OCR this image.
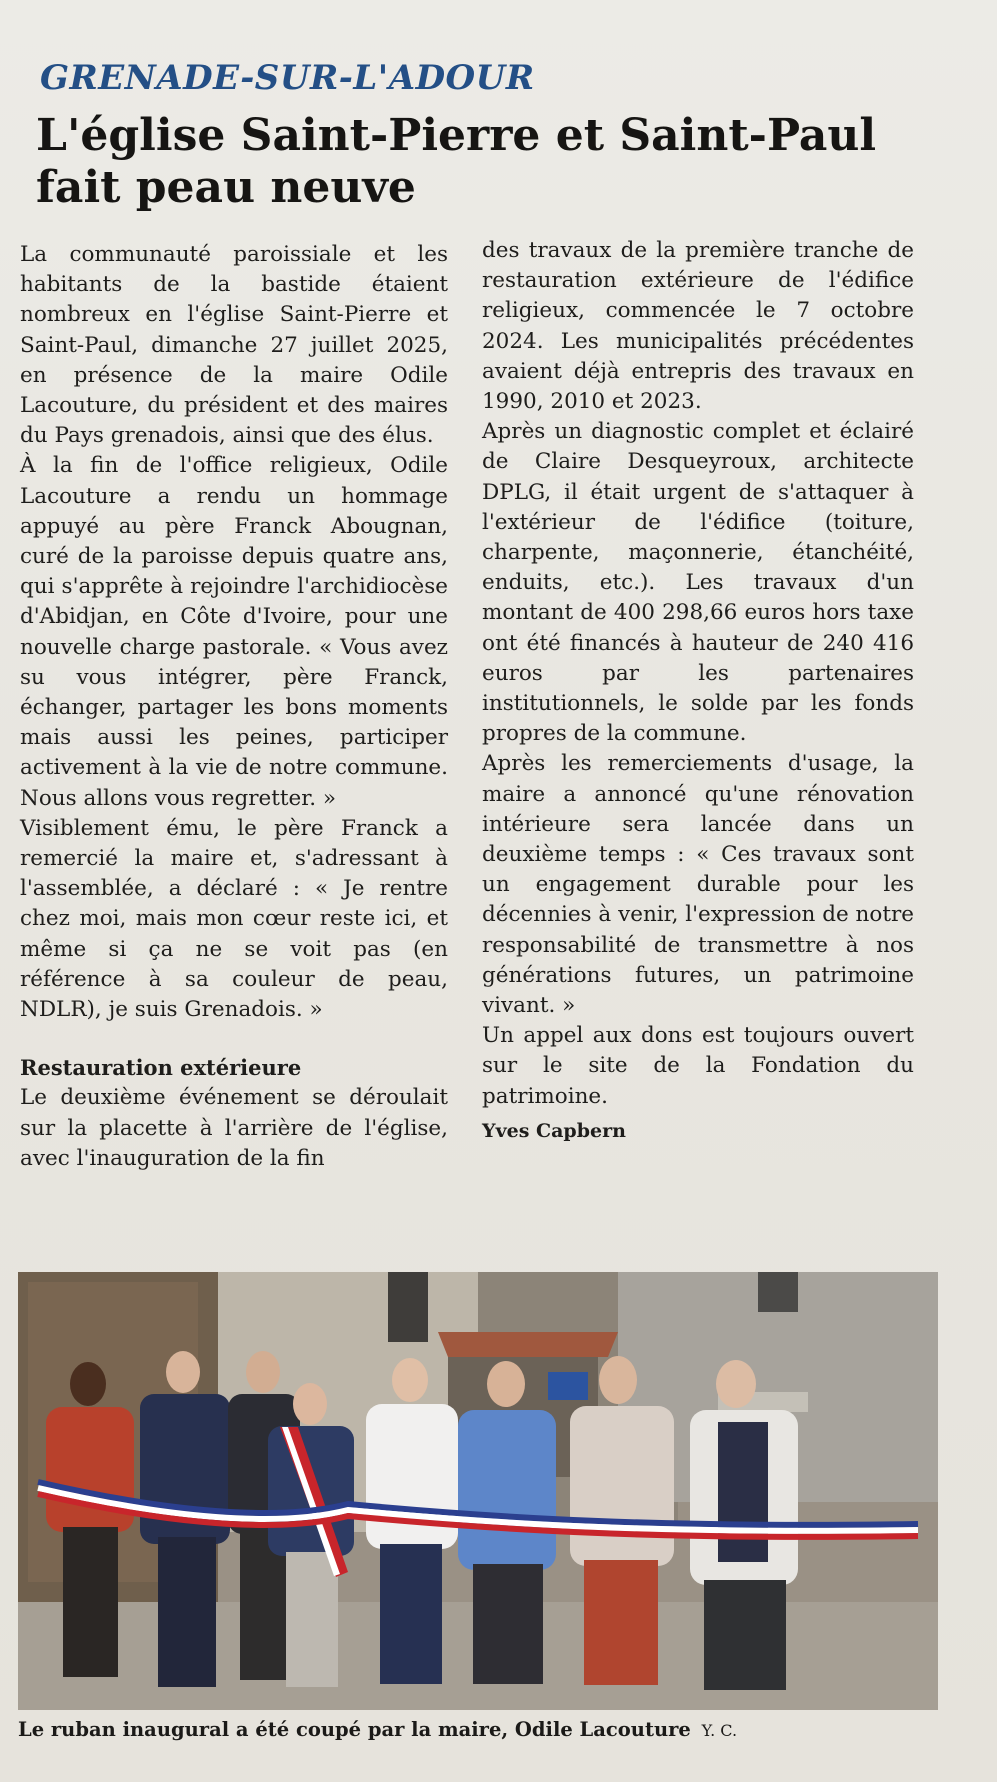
GRENADE-SUR-L'ADOUR
L'église Saint-Pierre et Saint-Paul fait peau neuve

La communauté paroissiale et les habitants de la bastide étaient nombreux en l'église Saint-Pierre et Saint-Paul, dimanche 27 juillet 2025, en présence de la maire Odile Lacouture, du président et des maires du Pays grenadois, ainsi que des élus.

À la fin de l'office religieux, Odile Lacouture a rendu un hommage appuyé au père Franck Abougnan, curé de la paroisse depuis quatre ans, qui s'apprête à rejoindre l'archidiocèse d'Abidjan, en Côte d'Ivoire, pour une nouvelle charge pastorale. « Vous avez su vous intégrer, père Franck, échanger, partager les bons moments mais aussi les peines, participer activement à la vie de notre commune. Nous allons vous regretter. »

Visiblement ému, le père Franck a remercié la maire et, s'adressant à l'assemblée, a déclaré : « Je rentre chez moi, mais mon cœur reste ici, et même si ça ne se voit pas (en référence à sa couleur de peau, NDLR), je suis Grenadois. »

Restauration extérieure

Le deuxième événement se déroulait sur la placette à l'arrière de l'église, avec l'inauguration de la fin

des travaux de la première tranche de restauration extérieure de l'édifice religieux, commencée le 7 octobre 2024. Les municipalités précédentes avaient déjà entrepris des travaux en 1990, 2010 et 2023.

Après un diagnostic complet et éclairé de Claire Desqueyroux, architecte DPLG, il était urgent de s'attaquer à l'extérieur de l'édifice (toiture, charpente, maçonnerie, étanchéité, enduits, etc.). Les travaux d'un montant de 400 298,66 euros hors taxe ont été financés à hauteur de 240 416 euros par les partenaires institutionnels, le solde par les fonds propres de la commune.

Après les remerciements d'usage, la maire a annoncé qu'une rénovation intérieure sera lancée dans un deuxième temps : « Ces travaux sont un engagement durable pour les décennies à venir, l'expression de notre responsabilité de transmettre à nos générations futures, un patrimoine vivant. »

Un appel aux dons est toujours ouvert sur le site de la Fondation du patrimoine.

Yves Capbern

Le ruban inaugural a été coupé par la maire, Odile Lacouture Y. C.
